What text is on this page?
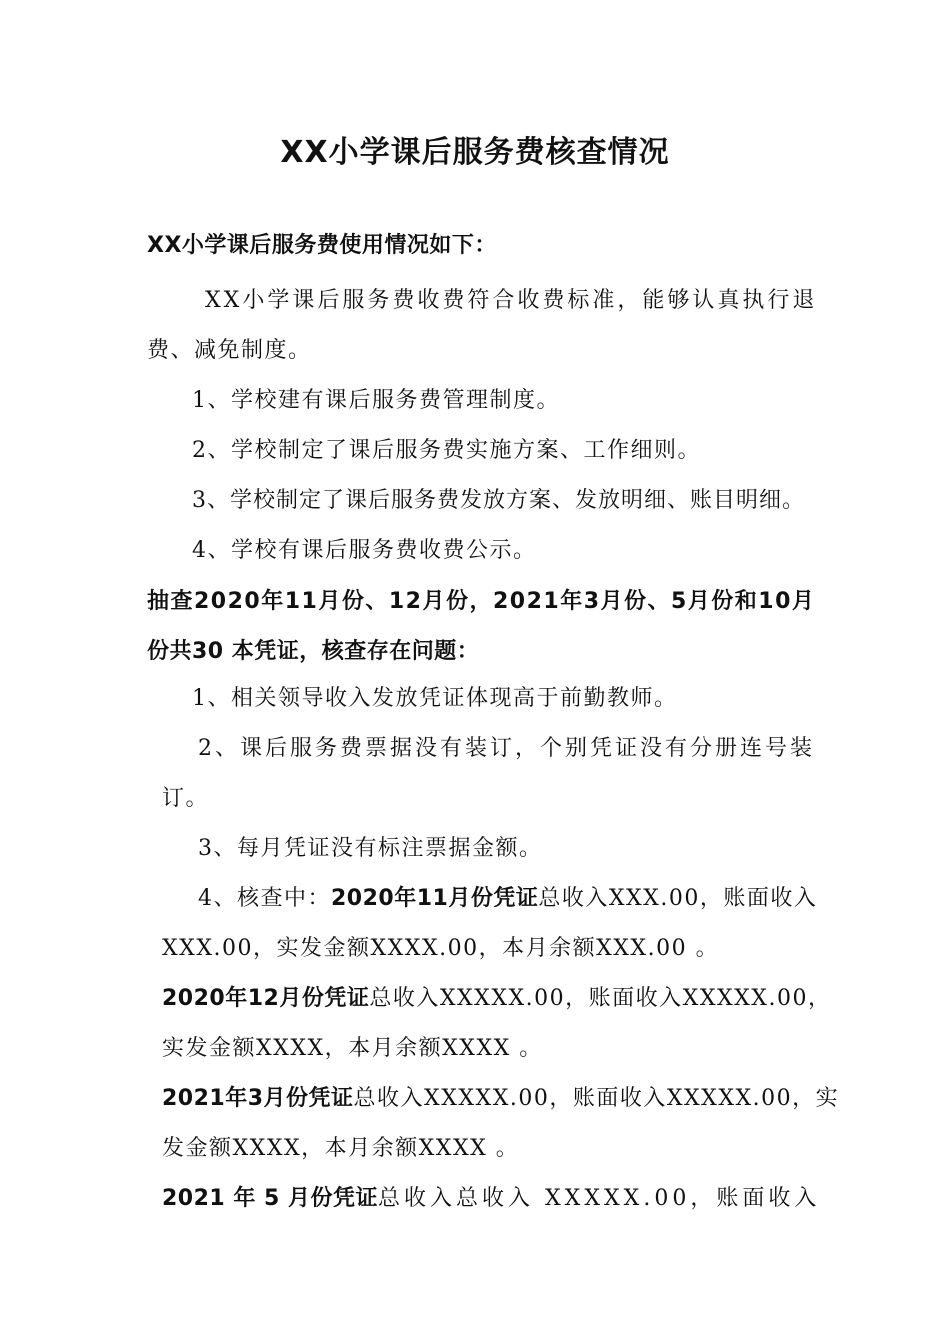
XX小学课后服务费核查情况
XX小学课后服务费使用情况如下：
XX小学课后服务费收费符合收费标准，能够认真执行退
费、减免制度。
1、学校建有课后服务费管理制度。
2、学校制定了课后服务费实施方案、工作细则。
3、学校制定了课后服务费发放方案、发放明细、账目明细。
4、学校有课后服务费收费公示。
抽查2020年11月份、12月份，2021年3月份、5月份和10月
份共30 本凭证，核查存在问题：
1、相关领导收入发放凭证体现高于前勤教师。
2、课后服务费票据没有装订，个别凭证没有分册连号装
订。
3、每月凭证没有标注票据金额。
4、核查中：2020年11月份凭证总收入XXX.00，账面收入
XXX.00，实发金额XXXX.00，本月余额XXX.00 。
2020年12月份凭证总收入XXXXX.00，账面收入XXXXX.00，
实发金额XXXX，本月余额XXXX 。
2021年3月份凭证总收入XXXXX.00，账面收入XXXXX.00，实
发金额XXXX，本月余额XXXX 。
2021 年 5 月份凭证总收入总收入 XXXXX.00，账面收入
